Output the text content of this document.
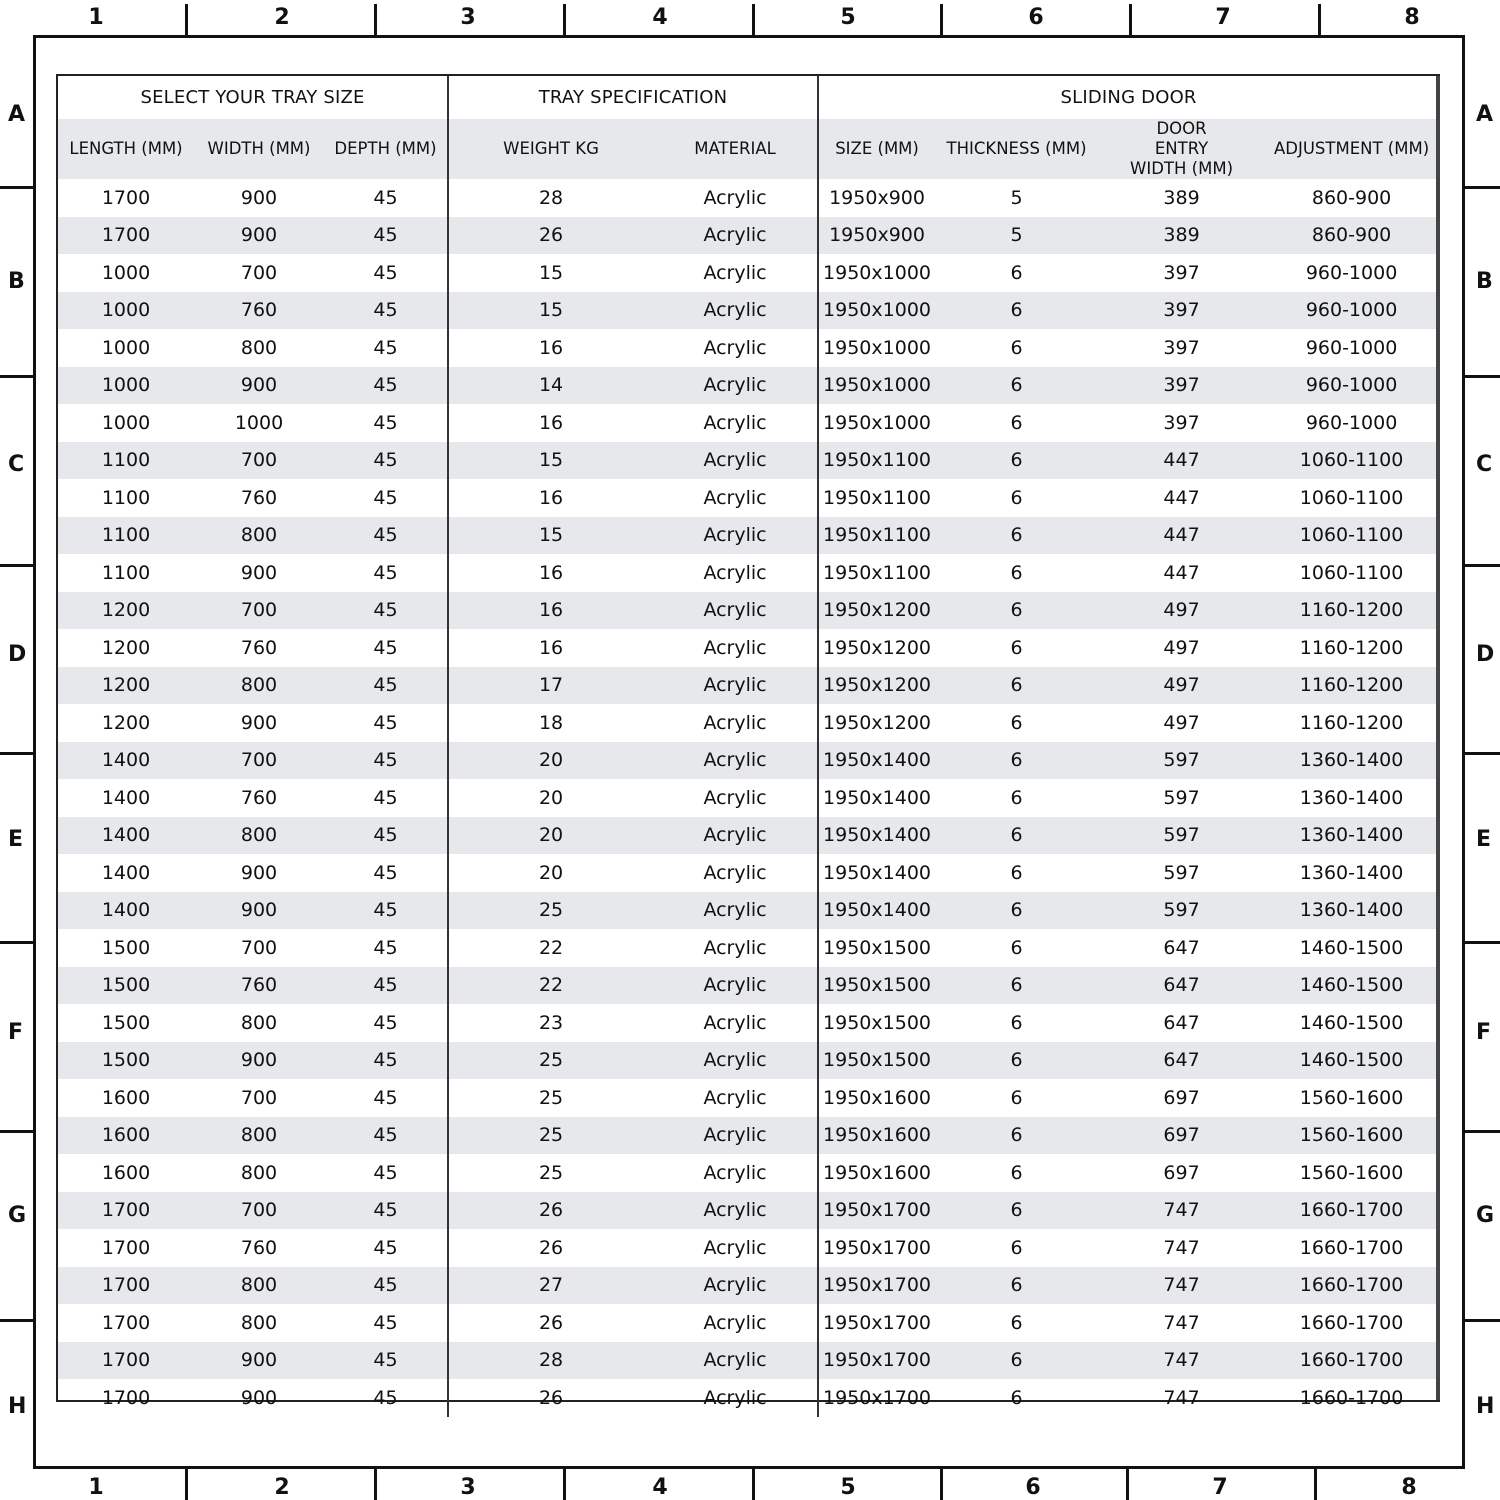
1	2	3	4	5	6	7	8
1	2	3	4	5	6	7	8
A
B
C
D
E
F
G
H
A
B
C
D
E
F
G
H
SELECT YOUR TRAY SIZE			TRAY SPECIFICATION		SLIDING DOOR			
LENGTH (MM)	WIDTH (MM)	DEPTH (MM)	WEIGHT KG	MATERIAL	SIZE (MM)	THICKNESS (MM)	DOOR ENTRY WIDTH (MM)	ADJUSTMENT (MM)
1700	900	45	28	Acrylic	1950x900	5	389	860-900
1700	900	45	26	Acrylic	1950x900	5	389	860-900
1000	700	45	15	Acrylic	1950x1000	6	397	960-1000
1000	760	45	15	Acrylic	1950x1000	6	397	960-1000
1000	800	45	16	Acrylic	1950x1000	6	397	960-1000
1000	900	45	14	Acrylic	1950x1000	6	397	960-1000
1000	1000	45	16	Acrylic	1950x1000	6	397	960-1000
1100	700	45	15	Acrylic	1950x1100	6	447	1060-1100
1100	760	45	16	Acrylic	1950x1100	6	447	1060-1100
1100	800	45	15	Acrylic	1950x1100	6	447	1060-1100
1100	900	45	16	Acrylic	1950x1100	6	447	1060-1100
1200	700	45	16	Acrylic	1950x1200	6	497	1160-1200
1200	760	45	16	Acrylic	1950x1200	6	497	1160-1200
1200	800	45	17	Acrylic	1950x1200	6	497	1160-1200
1200	900	45	18	Acrylic	1950x1200	6	497	1160-1200
1400	700	45	20	Acrylic	1950x1400	6	597	1360-1400
1400	760	45	20	Acrylic	1950x1400	6	597	1360-1400
1400	800	45	20	Acrylic	1950x1400	6	597	1360-1400
1400	900	45	20	Acrylic	1950x1400	6	597	1360-1400
1400	900	45	25	Acrylic	1950x1400	6	597	1360-1400
1500	700	45	22	Acrylic	1950x1500	6	647	1460-1500
1500	760	45	22	Acrylic	1950x1500	6	647	1460-1500
1500	800	45	23	Acrylic	1950x1500	6	647	1460-1500
1500	900	45	25	Acrylic	1950x1500	6	647	1460-1500
1600	700	45	25	Acrylic	1950x1600	6	697	1560-1600
1600	800	45	25	Acrylic	1950x1600	6	697	1560-1600
1600	800	45	25	Acrylic	1950x1600	6	697	1560-1600
1700	700	45	26	Acrylic	1950x1700	6	747	1660-1700
1700	760	45	26	Acrylic	1950x1700	6	747	1660-1700
1700	800	45	27	Acrylic	1950x1700	6	747	1660-1700
1700	800	45	26	Acrylic	1950x1700	6	747	1660-1700
1700	900	45	28	Acrylic	1950x1700	6	747	1660-1700
1700	900	45	26	Acrylic	1950x1700	6	747	1660-1700
